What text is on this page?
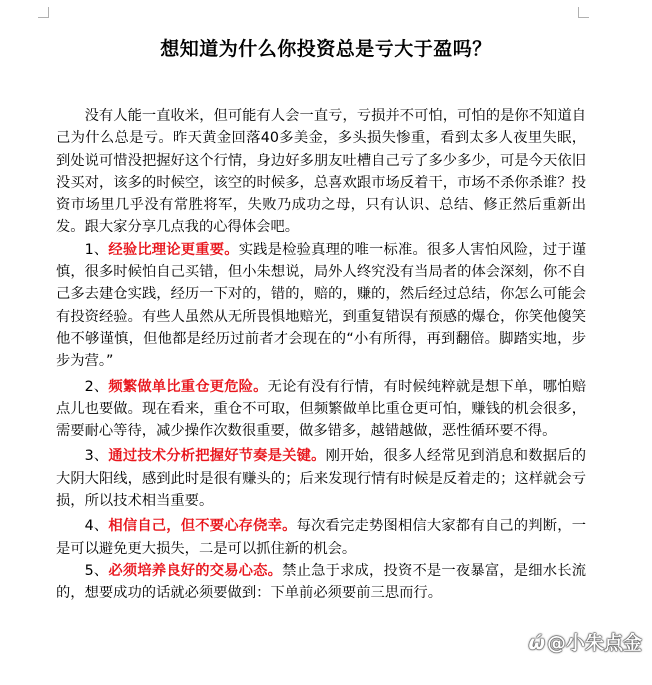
想知道为什么你投资总是亏大于盈吗？

没有人能一直收米，但可能有人会一直亏，亏损并不可怕，可怕的是你不知道自己为什么总是亏。昨天黄金回落40多美金，多头损失惨重，看到太多人夜里失眠，到处说可惜没把握好这个行情，身边好多朋友吐槽自己亏了多少多少，可是今天依旧没买对，该多的时候空，该空的时候多，总喜欢跟市场反着干，市场不杀你杀谁？投资市场里几乎没有常胜将军，失败乃成功之母，只有认识、总结、修正然后重新出发。跟大家分享几点我的心得体会吧。

1、经验比理论更重要。实践是检验真理的唯一标准。很多人害怕风险，过于谨慎，很多时候怕自己买错，但小朱想说，局外人终究没有当局者的体会深刻，你不自己多去建仓实践，经历一下对的，错的，赔的，赚的，然后经过总结，你怎么可能会有投资经验。有些人虽然从无所畏惧地赔光，到重复错误有预感的爆仓，你笑他傻笑他不够谨慎，但他都是经历过前者才会现在的“小有所得，再到翻倍。脚踏实地，步步为营。”

2、频繁做单比重仓更危险。无论有没有行情，有时候纯粹就是想下单，哪怕赔点儿也要做。现在看来，重仓不可取，但频繁做单比重仓更可怕，赚钱的机会很多，需要耐心等待，减少操作次数很重要，做多错多，越错越做，恶性循环要不得。

3、通过技术分析把握好节奏是关键。刚开始，很多人经常见到消息和数据后的大阴大阳线，感到此时是很有赚头的；后来发现行情有时候是反着走的；这样就会亏损，所以技术相当重要。

4、相信自己，但不要心存侥幸。每次看完走势图相信大家都有自己的判断，一是可以避免更大损失，二是可以抓住新的机会。

5、必须培养良好的交易心态。禁止急于求成，投资不是一夜暴富，是细水长流的，想要成功的话就必须要做到：下单前必须要前三思而行。

ώ @小朱点金
